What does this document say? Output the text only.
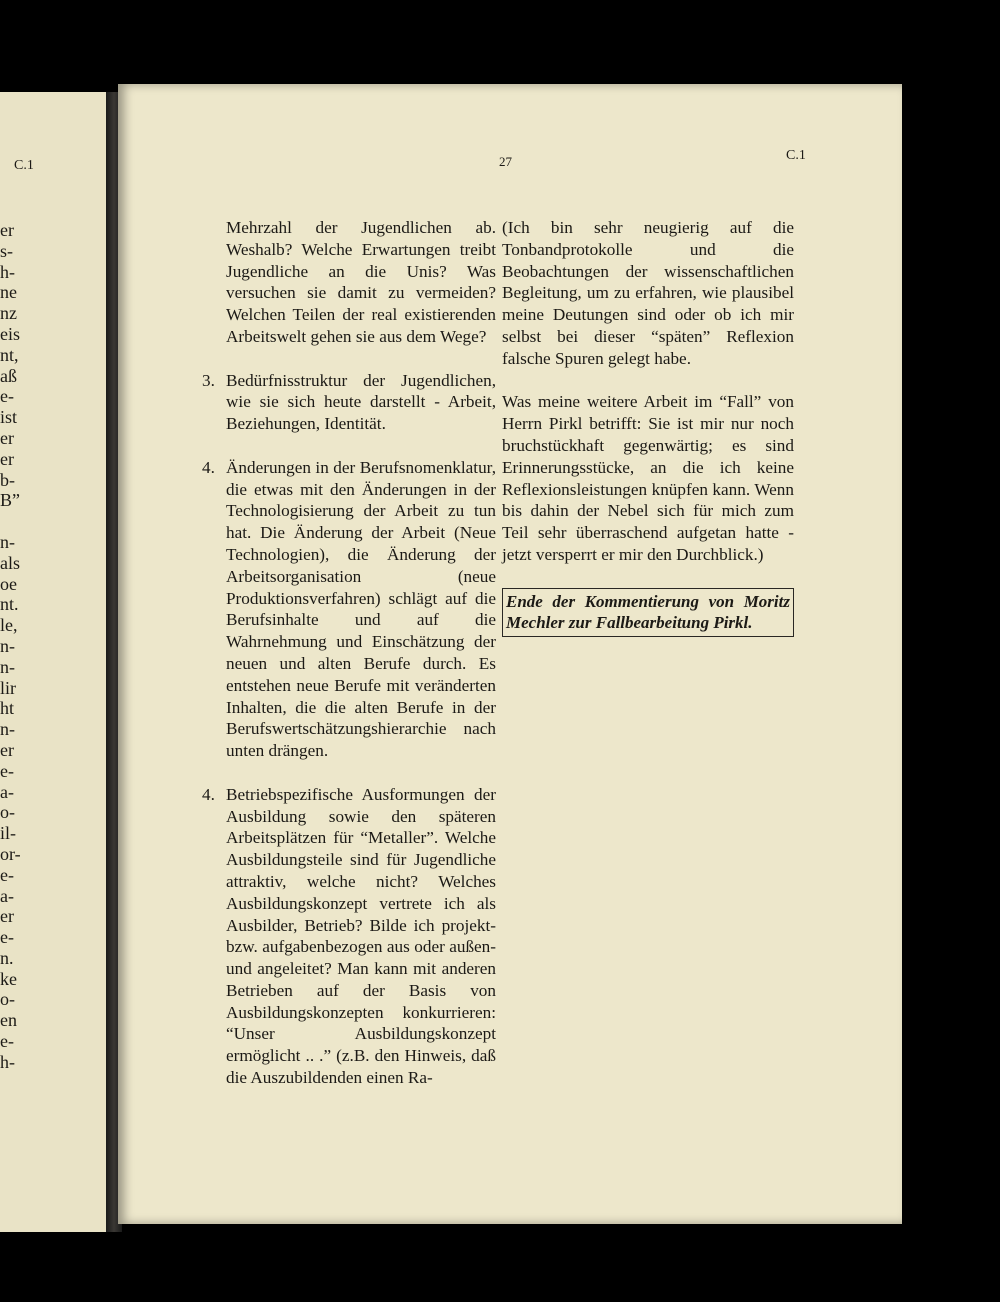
C.1
er
s-
h-
ne
nz
eis
nt,
aß
e-
ist
er
er
b-
B”
n-
als
oe
nt.
le,
n-
n-
lir
ht
n-
er
e-
a-
o-
il-
or-
e-
a-
er
e-
n.
ke
o-
en
e-
h-
27	C.1

Mehrzahl der Jugendlichen ab. Weshalb? Welche Erwartungen treibt Jugendliche an die Unis? Was versuchen sie damit zu vermeiden? Welchen Teilen der real existierenden Arbeitswelt gehen sie aus dem Wege?

3. Bedürfnisstruktur der Jugendlichen, wie sie sich heute darstellt - Arbeit, Beziehungen, Identität.

4. Änderungen in der Berufsnomenklatur, die etwas mit den Änderungen in der Technologisierung der Arbeit zu tun hat. Die Änderung der Arbeit (Neue Technologien), die Änderung der Arbeitsorganisation (neue Produktionsverfahren) schlägt auf die Berufsinhalte und auf die Wahrnehmung und Einschätzung der neuen und alten Berufe durch. Es entstehen neue Berufe mit veränderten Inhalten, die die alten Berufe in der Berufswertschätzungshierarchie nach unten drängen.

4. Betriebspezifische Ausformungen der Ausbildung sowie den späteren Arbeitsplätzen für “Metaller”. Welche Ausbildungsteile sind für Jugendliche attraktiv, welche nicht? Welches Ausbildungskonzept vertrete ich als Ausbilder, Betrieb? Bilde ich projekt- bzw. aufgabenbezogen aus oder außen- und angeleitet? Man kann mit anderen Betrieben auf der Basis von Ausbildungskonzepten konkurrieren: “Unser Ausbildungskonzept ermöglicht .. .” (z.B. den Hinweis, daß die Auszubildenden einen Ra-

(Ich bin sehr neugierig auf die Tonbandprotokolle und die Beobachtungen der wissenschaftlichen Begleitung, um zu erfahren, wie plausibel meine Deutungen sind oder ob ich mir selbst bei dieser “späten” Reflexion falsche Spuren gelegt habe.

Was meine weitere Arbeit im “Fall” von Herrn Pirkl betrifft: Sie ist mir nur noch bruchstückhaft gegenwärtig; es sind Erinnerungsstücke, an die ich keine Reflexionsleistungen knüpfen kann. Wenn bis dahin der Nebel sich für mich zum Teil sehr überraschend aufgetan hatte - jetzt versperrt er mir den Durchblick.)

Ende der Kommentierung von Moritz Mechler zur Fallbearbeitung Pirkl.
